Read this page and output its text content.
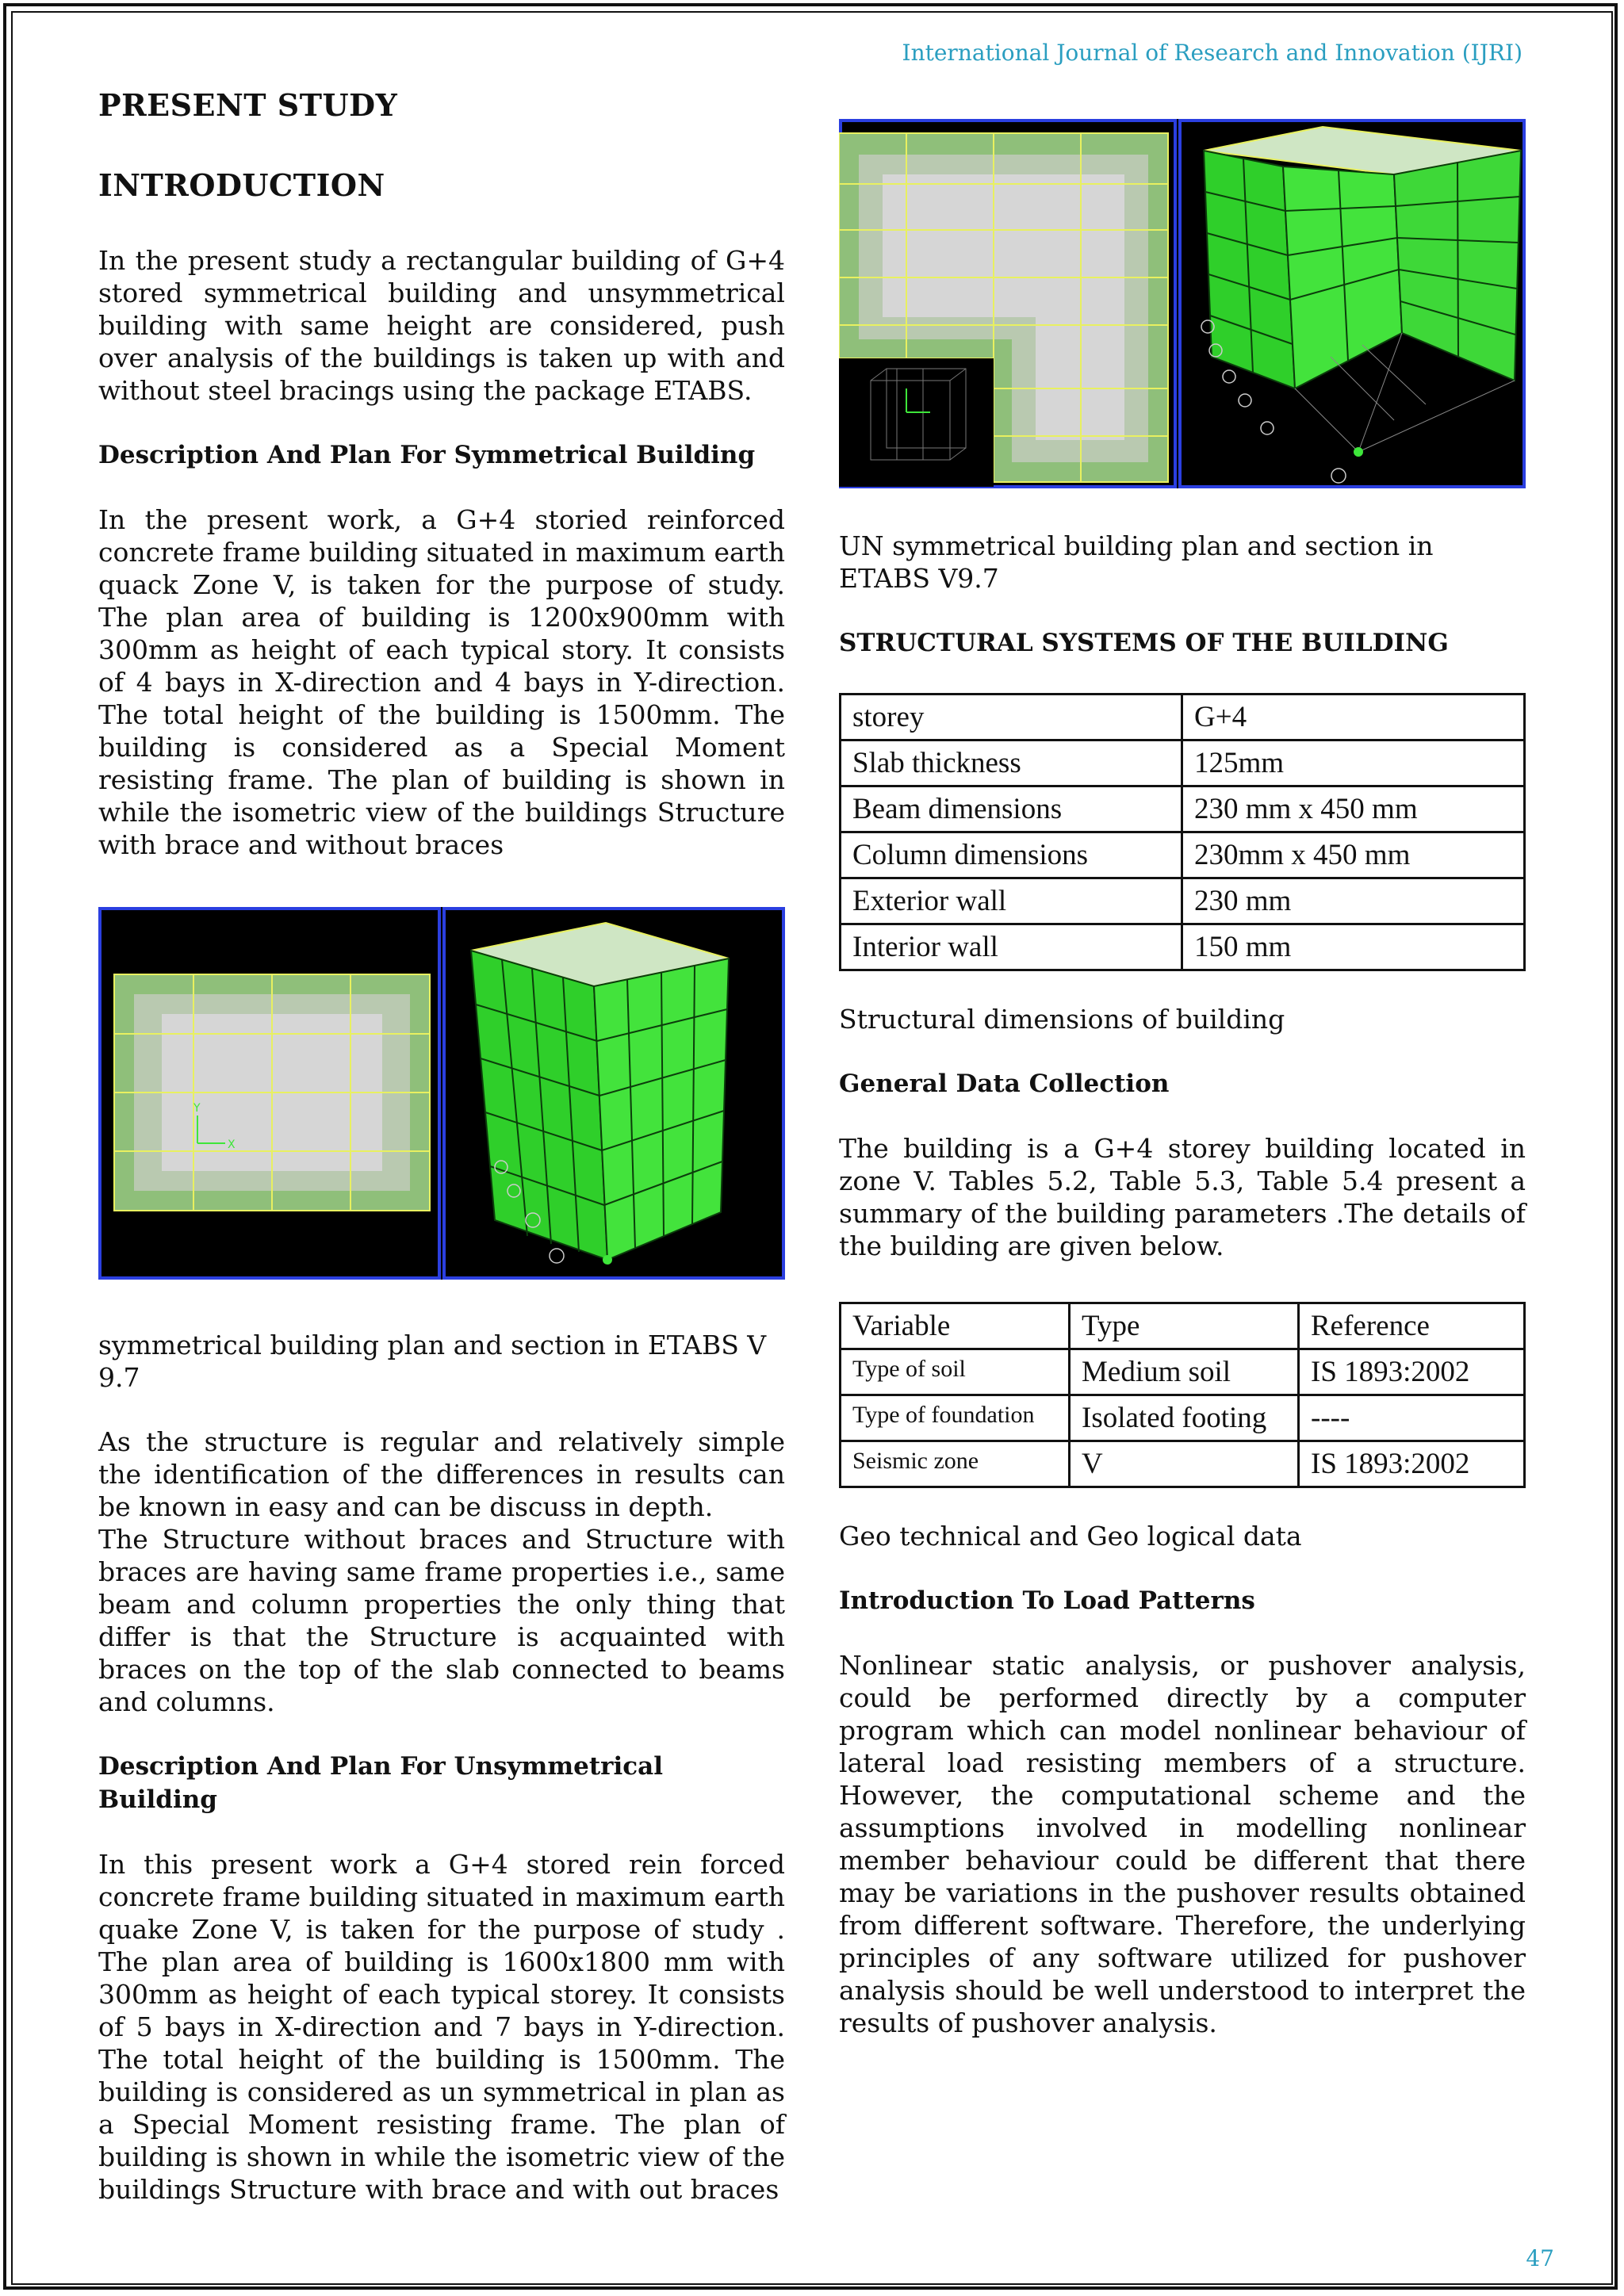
International Journal of Research and Innovation (IJRI)
PRESENT STUDY
INTRODUCTION
In the present study a rectangular building of G+4 stored symmetrical building and unsymmetrical building with same height are considered, push over analysis of the buildings is taken up with and without steel bracings using the package ETABS.
Description And Plan For Symmetrical Building
In the present work, a G+4 storied reinforced concrete frame building situated in maximum earth quack Zone V, is taken for the purpose of study. The plan area of building is 1200x900mm with 300mm as height of each typical story. It consists of 4 bays in X-direction and 4 bays in Y-direction. The total height of the building is 1500mm. The building is considered as a Special Moment resisting frame. The plan of building is shown in while the isometric view of the buildings Structure with brace and without braces
X
Y
symmetrical building plan and section in ETABS V 9.7
As the structure is regular and relatively simple the identification of the differences in results can be known in easy and can be discuss in depth.
The Structure without braces and Structure with braces are having same frame properties i.e., same beam and column properties the only thing that differ is that the Structure is acquainted with braces on the top of the slab connected to beams and columns.
Description And Plan For Unsymmetrical Building
In this present work a G+4 stored rein forced concrete frame building situated in maximum earth quake Zone V, is taken for the purpose of study . The plan area of building is 1600x1800 mm with 300mm as height of each typical storey. It consists of 5 bays in X-direction and 7 bays in Y-direction. The total height of the building is 1500mm. The building is considered as un symmetrical in plan as a Special Moment resisting frame. The plan of building is shown in while the isometric view of the buildings Structure with brace and with out braces
UN symmetrical building plan and section in ETABS V9.7
STRUCTURAL SYSTEMS OF THE BUILDING
storey	G+4
Slab thickness	125mm
Beam dimensions	230 mm x 450 mm
Column dimensions	230mm x 450 mm
Exterior wall	230 mm
Interior wall	150 mm
Structural dimensions of building
General Data Collection
The building is a G+4 storey building located in zone V. Tables 5.2, Table 5.3, Table 5.4 present a summary of the building parameters .The details of the building are given below.
Variable	Type	Reference
Type of soil	Medium soil	IS 1893:2002
Type of foundation	Isolated footing	----
Seismic zone	V	IS 1893:2002
Geo technical and Geo logical data
Introduction To Load Patterns
Nonlinear static analysis, or pushover analysis, could be performed directly by a computer program which can model nonlinear behaviour of lateral load resisting members of a structure. However, the computational scheme and the assumptions involved in modelling nonlinear member behaviour could be different that there may be variations in the pushover results obtained from different software. Therefore, the underlying principles of any software utilized for pushover analysis should be well understood to interpret the results of pushover analysis.
47
